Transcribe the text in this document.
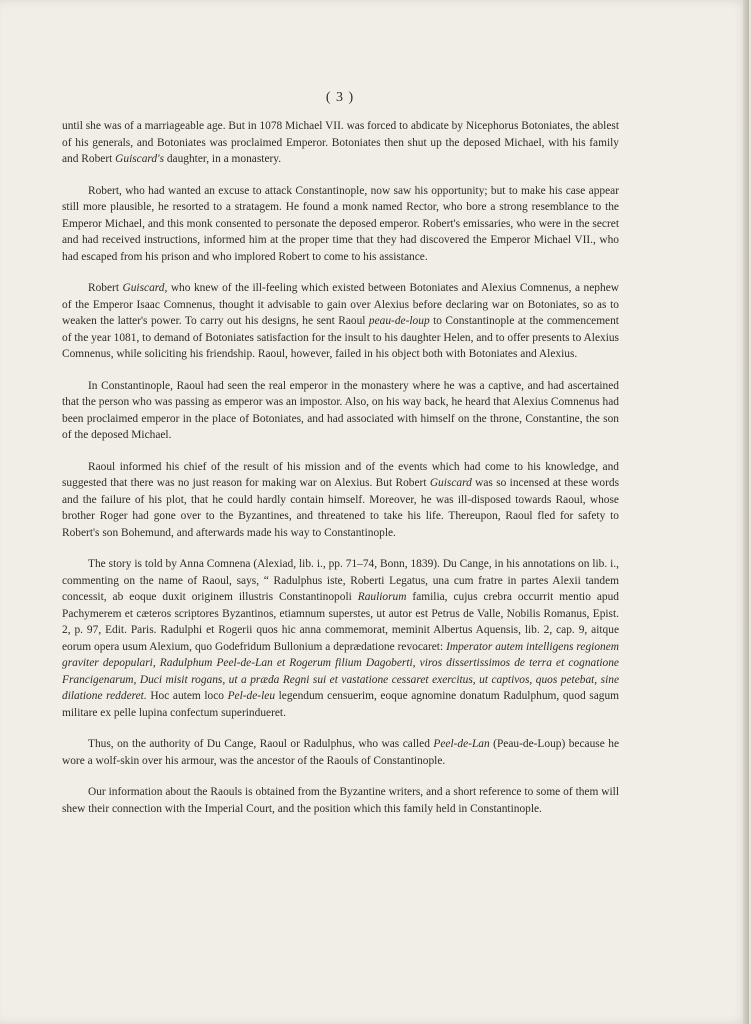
( 3 )

until she was of a marriageable age. But in 1078 Michael VII. was forced to abdicate by Nicephorus Botoniates, the ablest of his generals, and Botoniates was proclaimed Emperor. Botoniates then shut up the deposed Michael, with his family and Robert Guiscard's daughter, in a monastery.

Robert, who had wanted an excuse to attack Constantinople, now saw his opportunity; but to make his case appear still more plausible, he resorted to a stratagem. He found a monk named Rector, who bore a strong resemblance to the Emperor Michael, and this monk consented to personate the deposed emperor. Robert's emissaries, who were in the secret and had received instructions, informed him at the proper time that they had discovered the Emperor Michael VII., who had escaped from his prison and who implored Robert to come to his assistance.

Robert Guiscard, who knew of the ill-feeling which existed between Botoniates and Alexius Comnenus, a nephew of the Emperor Isaac Comnenus, thought it advisable to gain over Alexius before declaring war on Botoniates, so as to weaken the latter's power. To carry out his designs, he sent Raoul peau-de-loup to Constantinople at the commencement of the year 1081, to demand of Botoniates satisfaction for the insult to his daughter Helen, and to offer presents to Alexius Comnenus, while soliciting his friendship. Raoul, however, failed in his object both with Botoniates and Alexius.

In Constantinople, Raoul had seen the real emperor in the monastery where he was a captive, and had ascertained that the person who was passing as emperor was an impostor. Also, on his way back, he heard that Alexius Comnenus had been proclaimed emperor in the place of Botoniates, and had associated with himself on the throne, Constantine, the son of the deposed Michael.

Raoul informed his chief of the result of his mission and of the events which had come to his knowledge, and suggested that there was no just reason for making war on Alexius. But Robert Guiscard was so incensed at these words and the failure of his plot, that he could hardly contain himself. Moreover, he was ill-disposed towards Raoul, whose brother Roger had gone over to the Byzantines, and threatened to take his life. Thereupon, Raoul fled for safety to Robert's son Bohemund, and afterwards made his way to Constantinople.

The story is told by Anna Comnena (Alexiad, lib. i., pp. 71–74, Bonn, 1839). Du Cange, in his annotations on lib. i., commenting on the name of Raoul, says, “ Radulphus iste, Roberti Legatus, una cum fratre in partes Alexii tandem concessit, ab eoque duxit originem illustris Constantinopoli Rauliorum familia, cujus crebra occurrit mentio apud Pachymerem et cæteros scriptores Byzantinos, etiamnum superstes, ut autor est Petrus de Valle, Nobilis Romanus, Epist. 2, p. 97, Edit. Paris. Radulphi et Rogerii quos hic anna commemorat, meminit Albertus Aquensis, lib. 2, cap. 9, aitque eorum opera usum Alexium, quo Godefridum Bullonium a deprædatione revocaret: Imperator autem intelligens regionem graviter depopulari, Radulphum Peel-de-Lan et Rogerum filium Dagoberti, viros dissertissimos de terra et cognatione Francigenarum, Duci misit rogans, ut a præda Regni sui et vastatione cessaret exercitus, ut captivos, quos petebat, sine dilatione redderet. Hoc autem loco Pel-de-leu legendum censuerim, eoque agnomine donatum Radulphum, quod sagum militare ex pelle lupina confectum superindueret.

Thus, on the authority of Du Cange, Raoul or Radulphus, who was called Peel-de-Lan (Peau-de-Loup) because he wore a wolf-skin over his armour, was the ancestor of the Raouls of Constantinople.

Our information about the Raouls is obtained from the Byzantine writers, and a short reference to some of them will shew their connection with the Imperial Court, and the position which this family held in Constantinople.
